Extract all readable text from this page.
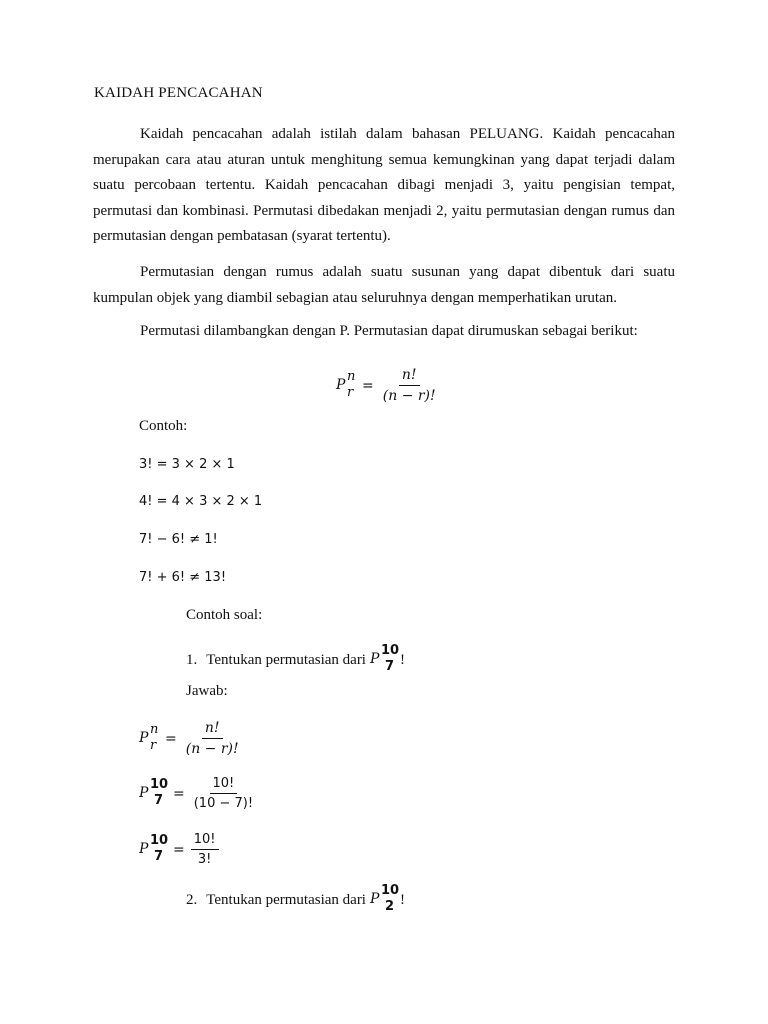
KAIDAH PENCACAHAN

Kaidah pencacahan adalah istilah dalam bahasan PELUANG. Kaidah pencacahan merupakan cara atau aturan untuk menghitung semua kemungkinan yang dapat terjadi dalam suatu percobaan tertentu. Kaidah pencacahan dibagi menjadi 3, yaitu pengisian tempat, permutasi dan kombinasi. Permutasi dibedakan menjadi 2, yaitu permutasian dengan rumus dan permutasian dengan pembatasan (syarat tertentu).

Permutasian dengan rumus adalah suatu susunan yang dapat dibentuk dari suatu kumpulan objek yang diambil sebagian atau seluruhnya dengan memperhatikan urutan.

Permutasi dilambangkan dengan P. Permutasian dapat dirumuskan sebagai berikut:
P
n
$r = \frac{n!}{(n - r)!}$
Contoh:
3! = 3 × 2 × 1
4! = 4 × 3 × 2 × 1
7! − 6! ≠ 1!
7! + 6! ≠ 13!
Contoh soal:
1. Tentukan permutasian dari P
10
7 !
Jawab:
P
n
$r = \frac{n!}{(n - r)!}$
P
10
$7 = \frac{10!}{(10 - 7)!}$
P
10
$7 = \frac{10!}{3!}$
2. Tentukan permutasian dari P
10
2 !
